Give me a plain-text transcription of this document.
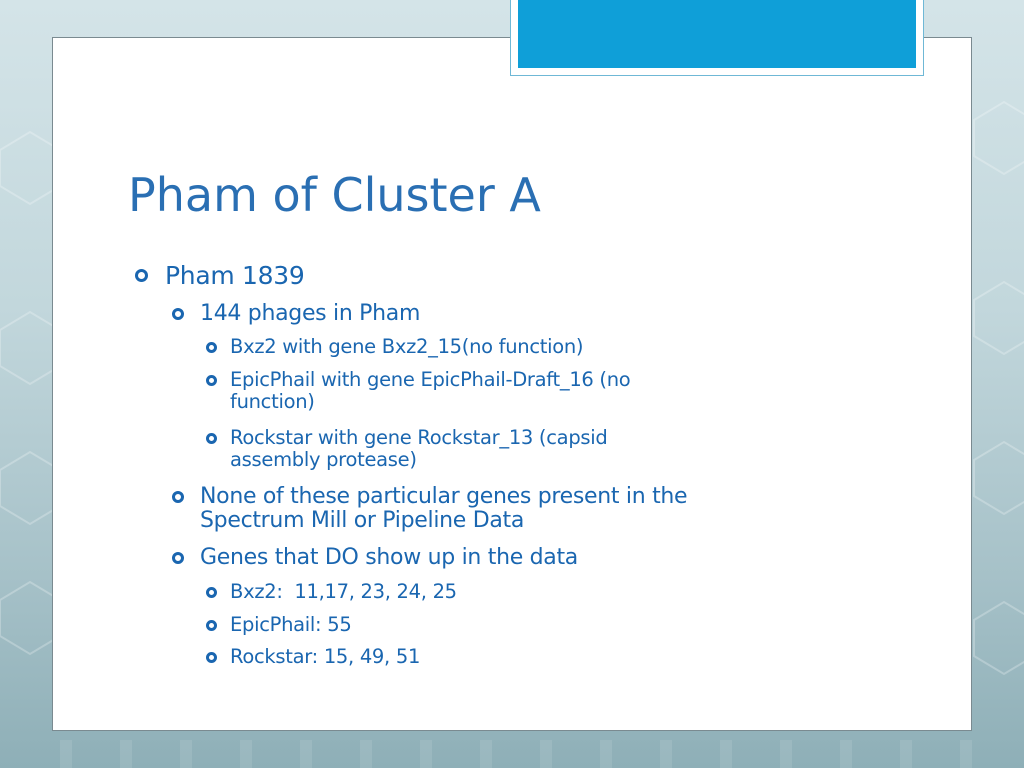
Pham of Cluster A
Pham 1839
144 phages in Pham
Bxz2 with gene Bxz2_15(no function)
EpicPhail with gene EpicPhail-Draft_16 (no
function)
Rockstar with gene Rockstar_13 (capsid
assembly protease)
None of these particular genes present in the
Spectrum Mill or Pipeline Data
Genes that DO show up in the data
Bxz2:  11,17, 23, 24, 25
EpicPhail: 55
Rockstar: 15, 49, 51
